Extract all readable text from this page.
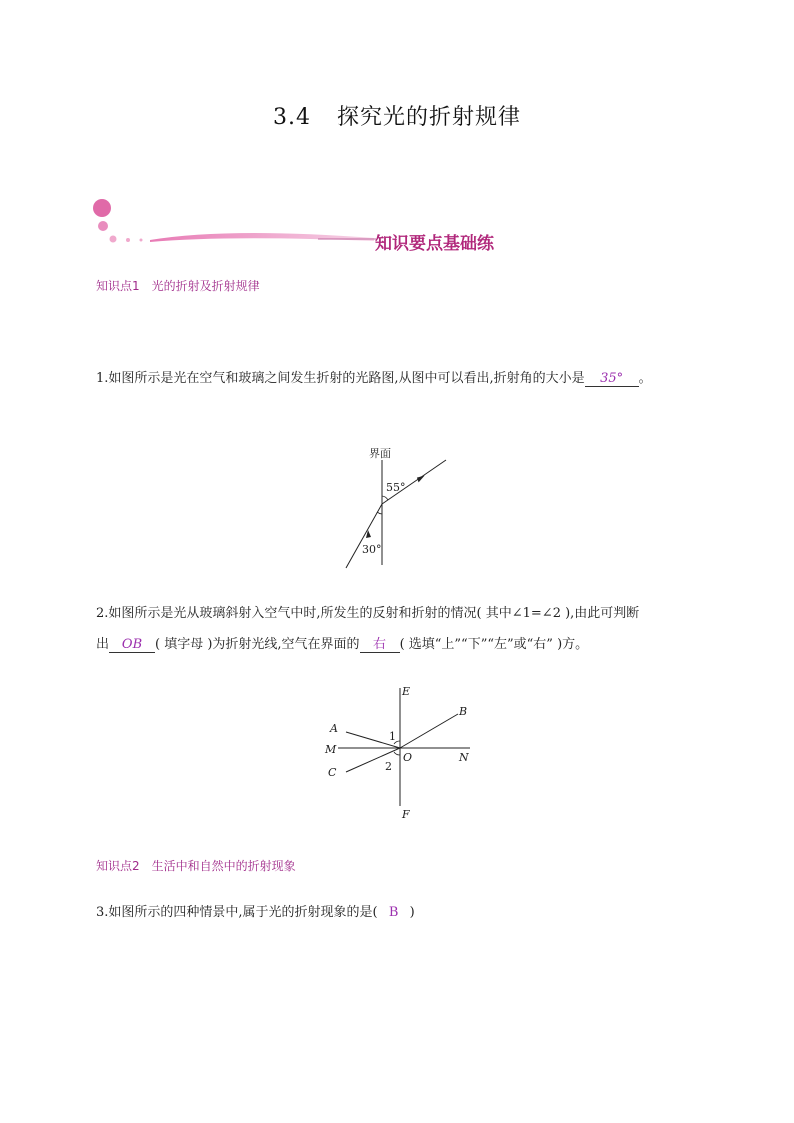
3.4 探究光的折射规律
知识要点基础练
知识点1 光的折射及折射规律
1.如图所示是光在空气和玻璃之间发生折射的光路图,从图中可以看出,折射角的大小是 35° 。
界面
55°
30°
2.如图所示是光从玻璃斜射入空气中时,所发生的反射和折射的情况( 其中∠1=∠2 ),由此可判断
出 OB ( 填字母 )为折射光线,空气在界面的 右 ( 选填“上”“下”“左”或“右” )方。
E
F
M
N
O
A
B
C
1
2
知识点2 生活中和自然中的折射现象
3.如图所示的四种情景中,属于光的折射现象的是( B )
